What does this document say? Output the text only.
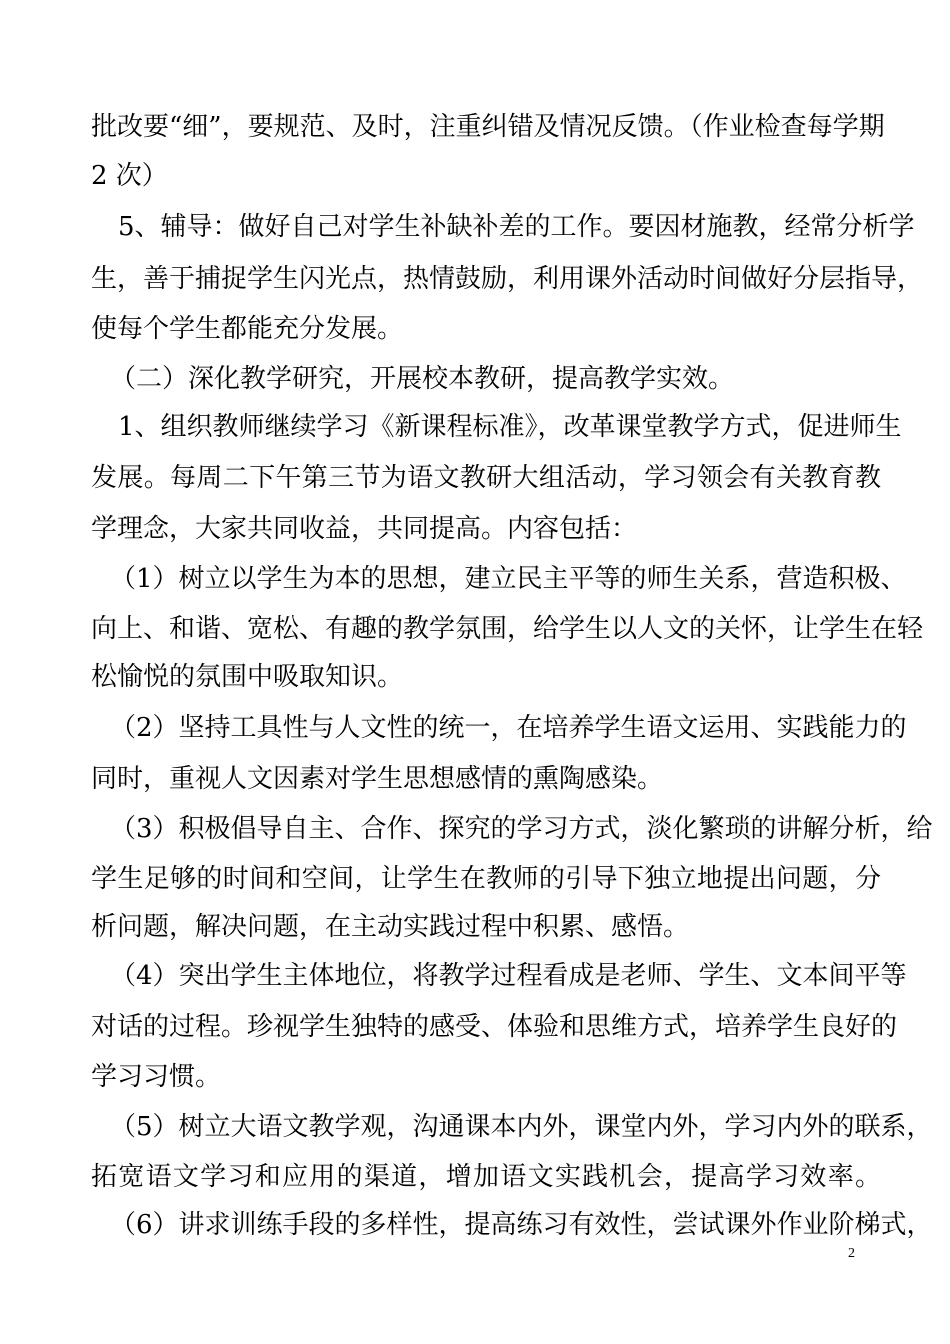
批改要“细”，要规范、及时，注重纠错及情况反馈。（作业检查每学期
2 次）
5、辅导：做好自己对学生补缺补差的工作。要因材施教，经常分析学
生，善于捕捉学生闪光点，热情鼓励，利用课外活动时间做好分层指导，
使每个学生都能充分发展。
（二）深化教学研究，开展校本教研，提高教学实效。
1、组织教师继续学习《新课程标准》，改革课堂教学方式，促进师生
发展。每周二下午第三节为语文教研大组活动，学习领会有关教育教
学理念，大家共同收益，共同提高。内容包括：
（1）树立以学生为本的思想，建立民主平等的师生关系，营造积极、
向上、和谐、宽松、有趣的教学氛围，给学生以人文的关怀，让学生在轻
松愉悦的氛围中吸取知识。
（2）坚持工具性与人文性的统一，在培养学生语文运用、实践能力的
同时，重视人文因素对学生思想感情的熏陶感染。
（3）积极倡导自主、合作、探究的学习方式，淡化繁琐的讲解分析，给
学生足够的时间和空间，让学生在教师的引导下独立地提出问题，分
析问题，解决问题，在主动实践过程中积累、感悟。
（4）突出学生主体地位，将教学过程看成是老师、学生、文本间平等
对话的过程。珍视学生独特的感受、体验和思维方式，培养学生良好的
学习习惯。
（5）树立大语文教学观，沟通课本内外，课堂内外，学习内外的联系，
拓宽语文学习和应用的渠道，增加语文实践机会，提高学习效率。
（6）讲求训练手段的多样性，提高练习有效性，尝试课外作业阶梯式，
2
